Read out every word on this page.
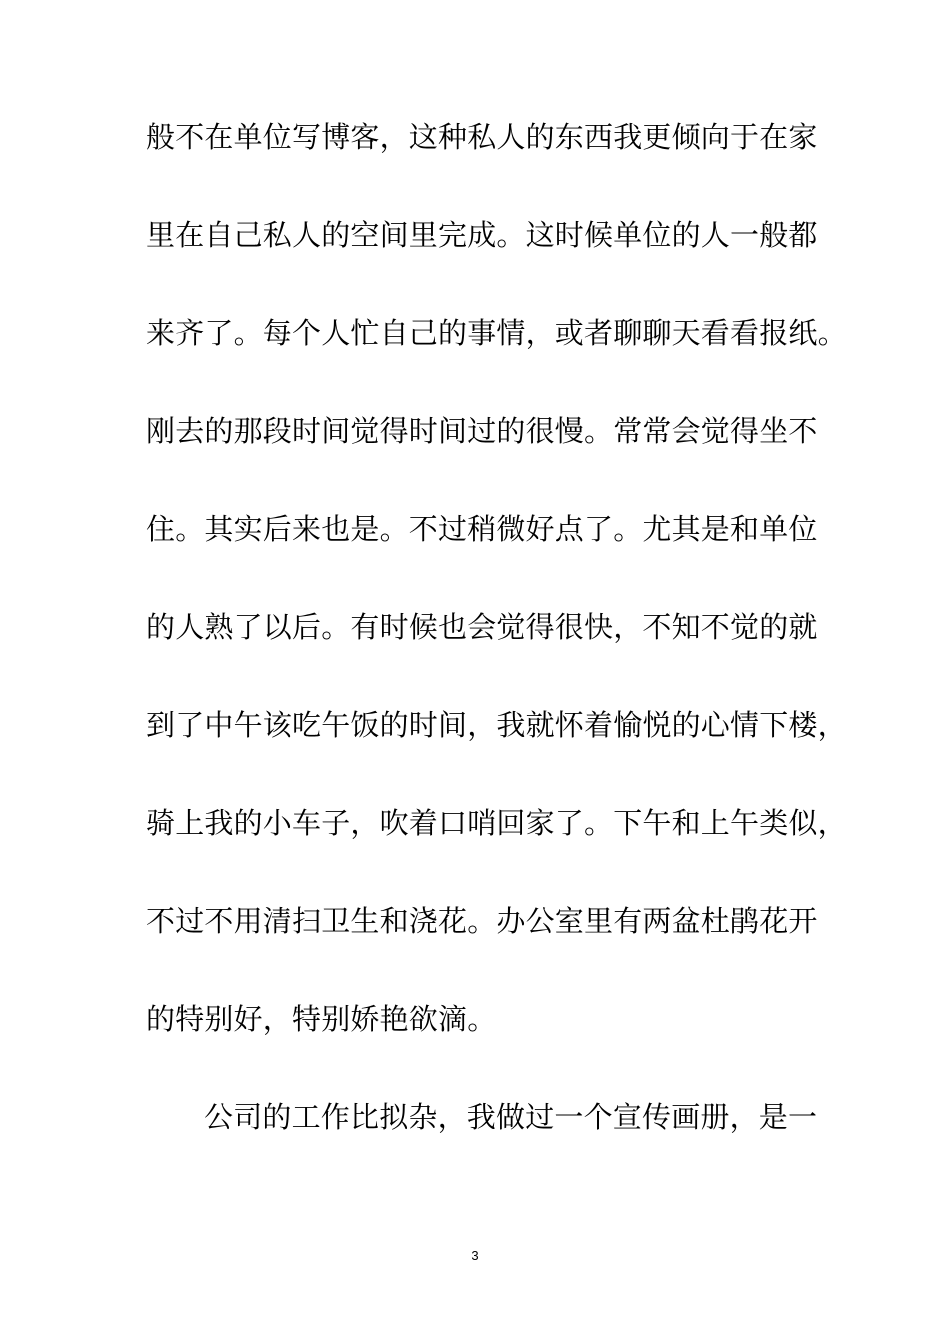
般不在单位写博客，这种私人的东西我更倾向于在家

里在自己私人的空间里完成。这时候单位的人一般都

来齐了。每个人忙自己的事情，或者聊聊天看看报纸。

刚去的那段时间觉得时间过的很慢。常常会觉得坐不

住。其实后来也是。不过稍微好点了。尤其是和单位

的人熟了以后。有时候也会觉得很快，不知不觉的就

到了中午该吃午饭的时间，我就怀着愉悦的心情下楼，

骑上我的小车子，吹着口哨回家了。下午和上午类似，

不过不用清扫卫生和浇花。办公室里有两盆杜鹃花开

的特别好，特别娇艳欲滴。

公司的工作比拟杂，我做过一个宣传画册，是一

3
